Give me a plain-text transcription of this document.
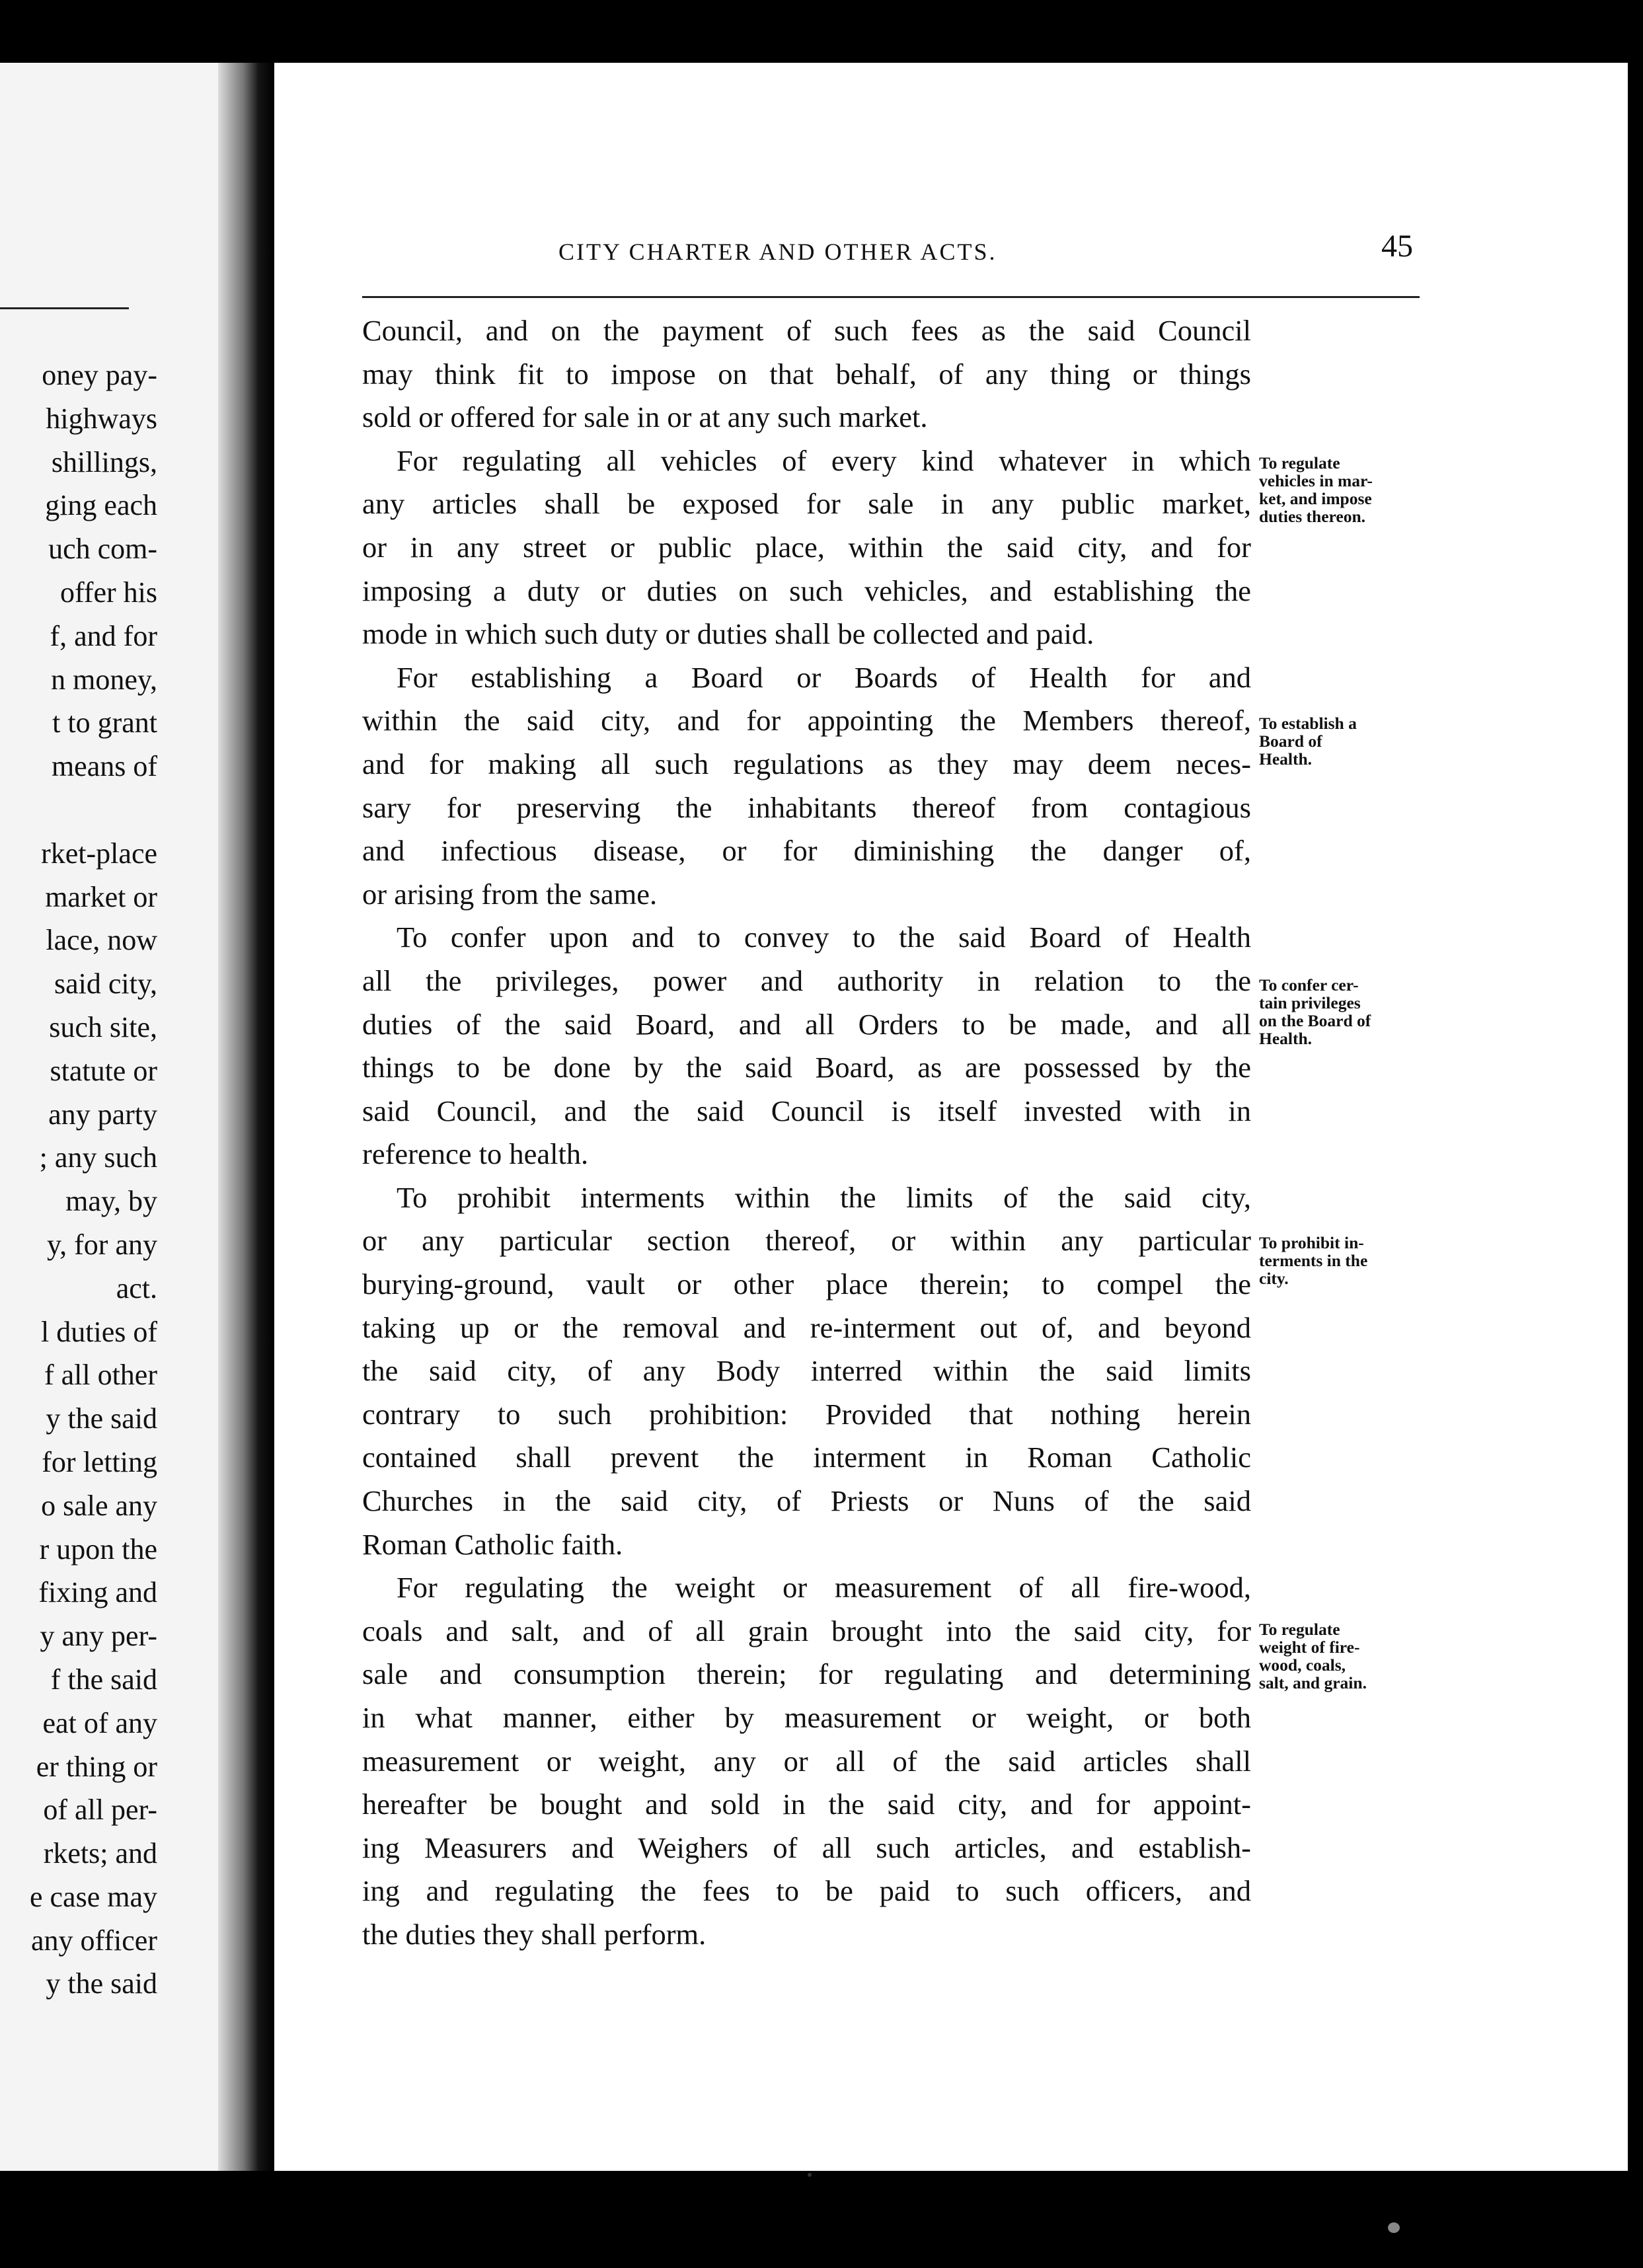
oney pay-
highways
shillings,
ging each
uch com-
offer his
f, and for
n money,
t to grant
means of

rket-place
market or
lace, now
said city,
such site,
statute or
any party
; any such
may, by
y, for any
act.
l duties of
f all other
y the said
for letting
o sale any
r upon the
fixing and
y any per-
f the said
eat of any
er thing or
of all per-
rkets; and
e case may
any officer
y the said
CITY CHARTER AND OTHER ACTS.	45
Council, and on the payment of such fees as the said Council
may think fit to impose on that behalf, of any thing or things
sold or offered for sale in or at any such market.
For regulating all vehicles of every kind whatever in which
any articles shall be exposed for sale in any public market,
or in any street or public place, within the said city, and for
imposing a duty or duties on such vehicles, and establishing the
mode in which such duty or duties shall be collected and paid.
For establishing a Board or Boards of Health for and
within the said city, and for appointing the Members thereof,
and for making all such regulations as they may deem neces-
sary for preserving the inhabitants thereof from contagious
and infectious disease, or for diminishing the danger of,
or arising from the same.
To confer upon and to convey to the said Board of Health
all the privileges, power and authority in relation to the
duties of the said Board, and all Orders to be made, and all
things to be done by the said Board, as are possessed by the
said Council, and the said Council is itself invested with in
reference to health.
To prohibit interments within the limits of the said city,
or any particular section thereof, or within any particular
burying-ground, vault or other place therein; to compel the
taking up or the removal and re-interment out of, and beyond
the said city, of any Body interred within the said limits
contrary to such prohibition: Provided that nothing herein
contained shall prevent the interment in Roman Catholic
Churches in the said city, of Priests or Nuns of the said
Roman Catholic faith.
For regulating the weight or measurement of all fire-wood,
coals and salt, and of all grain brought into the said city, for
sale and consumption therein; for regulating and determining
in what manner, either by measurement or weight, or both
measurement or weight, any or all of the said articles shall
hereafter be bought and sold in the said city, and for appoint-
ing Measurers and Weighers of all such articles, and establish-
ing and regulating the fees to be paid to such officers, and
the duties they shall perform.
To regulate
vehicles in mar-
ket, and impose
duties thereon.
To establish a
Board of
Health.
To confer cer-
tain privileges
on the Board of
Health.
To prohibit in-
terments in the
city.
To regulate
weight of fire-
wood, coals,
salt, and grain.
